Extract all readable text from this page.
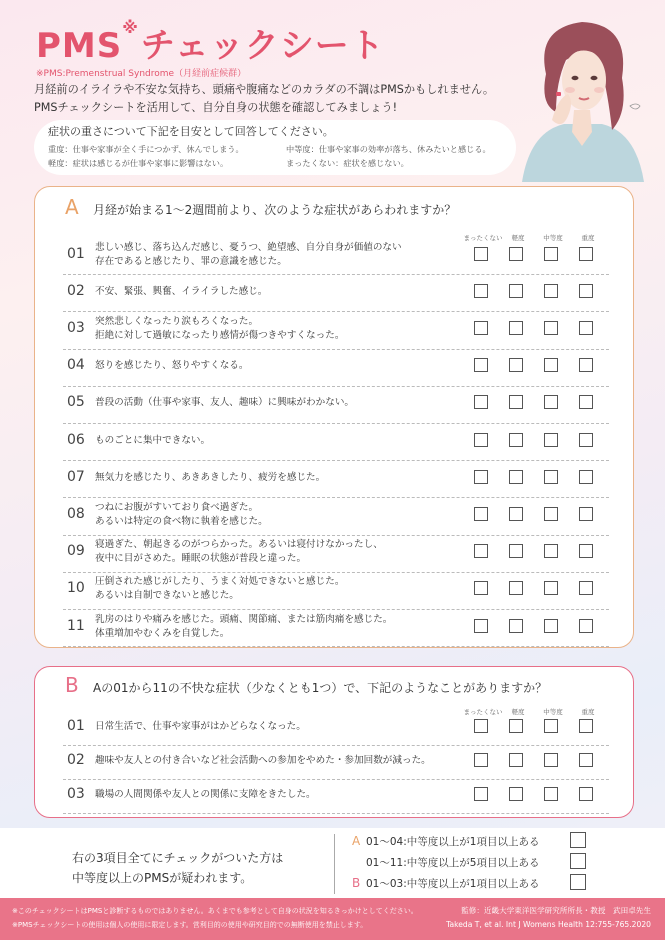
PMS※チェックシート
※PMS:Premenstrual Syndrome（月経前症候群）
月経前のイライラや不安な気持ち、頭痛や腹痛などのカラダの不調はPMSかもしれません。
PMSチェックシートを活用して、自分自身の状態を確認してみましょう!
症状の重さについて下記を目安として回答してください。
重度：仕事や家事が全く手につかず、休んでしまう。	中等度：仕事や家事の効率が落ち、休みたいと感じる。
軽度：症状は感じるが仕事や家事に影響はない。	まったくない：症状を感じない。
A 月経が始まる1〜2週間前より、次のような症状があらわれますか？
まったくない 軽度	中等度	重度
01 悲しい感じ、落ち込んだ感じ、憂うつ、絶望感、自分自身が価値のない
存在であると感じたり、罪の意識を感じた。
02 不安、緊張、興奮、イライラした感じ。
03 突然悲しくなったり涙もろくなった。
拒絶に対して過敏になったり感情が傷つきやすくなった。
04 怒りを感じたり、怒りやすくなる。
05 普段の活動（仕事や家事、友人、趣味）に興味がわかない。
06 ものごとに集中できない。
07 無気力を感じたり、あきあきしたり、疲労を感じた。
08 つねにお腹がすいており食べ過ぎた。
あるいは特定の食べ物に執着を感じた。
09 寝過ぎた、朝起きるのがつらかった。あるいは寝付けなかったし、
夜中に目がさめた。睡眠の状態が普段と違った。
10 圧倒された感じがしたり、うまく対処できないと感じた。
あるいは自制できないと感じた。
11 乳房のはりや痛みを感じた。頭痛、関節痛、または筋肉痛を感じた。
体重増加やむくみを自覚した。
B Aの01から11の不快な症状（少なくとも1つ）で、下記のようなことがありますか？
まったくない 軽度	中等度	重度
01 日常生活で、仕事や家事がはかどらなくなった。
02 趣味や友人との付き合いなど社会活動への参加をやめた・参加回数が減った。
03 職場の人間関係や友人との関係に支障をきたした。
右の3項目全てにチェックがついた方は
中等度以上のPMSが疑われます。
A 01〜04:中等度以上が1項目以上ある
01〜11:中等度以上が5項目以上ある
B 01〜03:中等度以上が1項目以上ある
※このチェックシートはPMSと診断するものではありません。あくまでも参考として自身の状況を知るきっかけとしてください。
※PMSチェックシートの使用は個人の使用に限定します。営利目的の使用や研究目的での無断使用を禁止します。
監修：近畿大学東洋医学研究所所長・教授　武田卓先生
Takeda T, et al. Int J Womens Health 12:755-765.2020
